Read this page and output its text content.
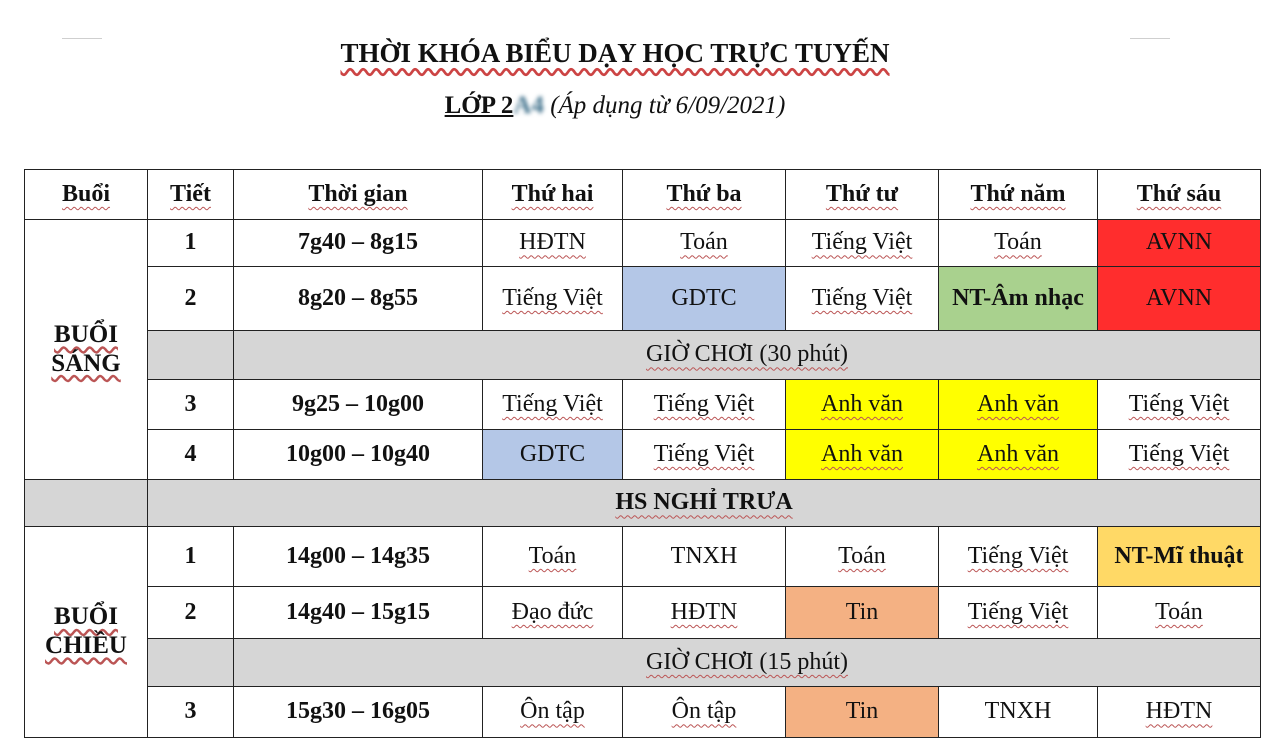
THỜI KHÓA BIỂU DẠY HỌC TRỰC TUYẾN
LỚP 2A4 (Áp dụng từ 6/09/2021)
Buổi	Tiết	Thời gian	Thứ hai	Thứ ba	Thứ tư	Thứ năm	Thứ sáu

BUỔI
SÁNG	1	7g40 – 8g15	HĐTN	Toán	Tiếng Việt	Toán	AVNN
	2	8g20 – 8g55	Tiếng Việt	GDTC	Tiếng Việt	NT-Âm nhạc	AVNN
		GIỜ CHƠI (30 phút)					
	3	9g25 – 10g00	Tiếng Việt	Tiếng Việt	Anh văn	Anh văn	Tiếng Việt
	4	10g00 – 10g40	GDTC	Tiếng Việt	Anh văn	Anh văn	Tiếng Việt
	HS NGHỈ TRƯA						

BUỔI
CHIỀU	1	14g00 – 14g35	Toán	TNXH	Toán	Tiếng Việt	NT-Mĩ thuật
	2	14g40 – 15g15	Đạo đức	HĐTN	Tin	Tiếng Việt	Toán
		GIỜ CHƠI (15 phút)					
	3	15g30 – 16g05	Ôn tập	Ôn tập	Tin	TNXH	HĐTN
